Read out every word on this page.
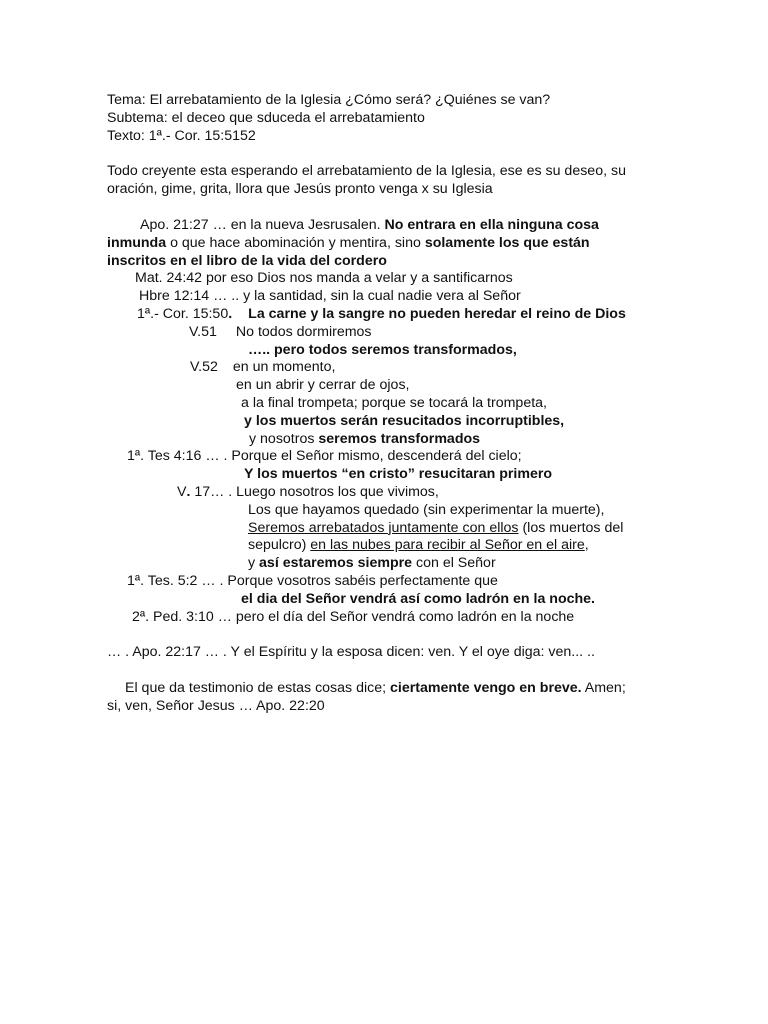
Tema: El arrebatamiento de la Iglesia ¿Cómo será? ¿Quiénes se van?
Subtema: el deceo que sduceda el arrebatamiento
Texto: 1ª.- Cor. 15:5152
Todo creyente esta esperando el arrebatamiento de la Iglesia, ese es su deseo, su
oración, gime, grita, llora que Jesús pronto venga x su Iglesia
Apo. 21:27 … en la nueva Jesrusalen. No entrara en ella ninguna cosa
inmunda o que hace abominación y mentira, sino solamente los que están
inscritos en el libro de la vida del cordero
Mat. 24:42 por eso Dios nos manda a velar y a santificarnos
Hbre 12:14 … .. y la santidad, sin la cual nadie vera al Señor
1ª.- Cor. 15:50. La carne y la sangre no pueden heredar el reino de Dios
V.51 No todos dormiremos
….. pero todos seremos transformados,
V.52 en un momento,
en un abrir y cerrar de ojos,
a la final trompeta; porque se tocará la trompeta,
y los muertos serán resucitados incorruptibles,
y nosotros seremos transformados
1ª. Tes 4:16 … . Porque el Señor mismo, descenderá del cielo;
Y los muertos “en cristo” resucitaran primero
V. 17… . Luego nosotros los que vivimos,
Los que hayamos quedado (sin experimentar la muerte),
Seremos arrebatados juntamente con ellos (los muertos del
sepulcro) en las nubes para recibir al Señor en el aire,
y así estaremos siempre con el Señor
1ª. Tes. 5:2 … . Porque vosotros sabéis perfectamente que
el dia del Señor vendrá así como ladrón en la noche.
2ª. Ped. 3:10 … pero el día del Señor vendrá como ladrón en la noche
… . Apo. 22:17 … . Y el Espíritu y la esposa dicen: ven. Y el oye diga: ven... ..
El que da testimonio de estas cosas dice; ciertamente vengo en breve. Amen;
si, ven, Señor Jesus … Apo. 22:20
